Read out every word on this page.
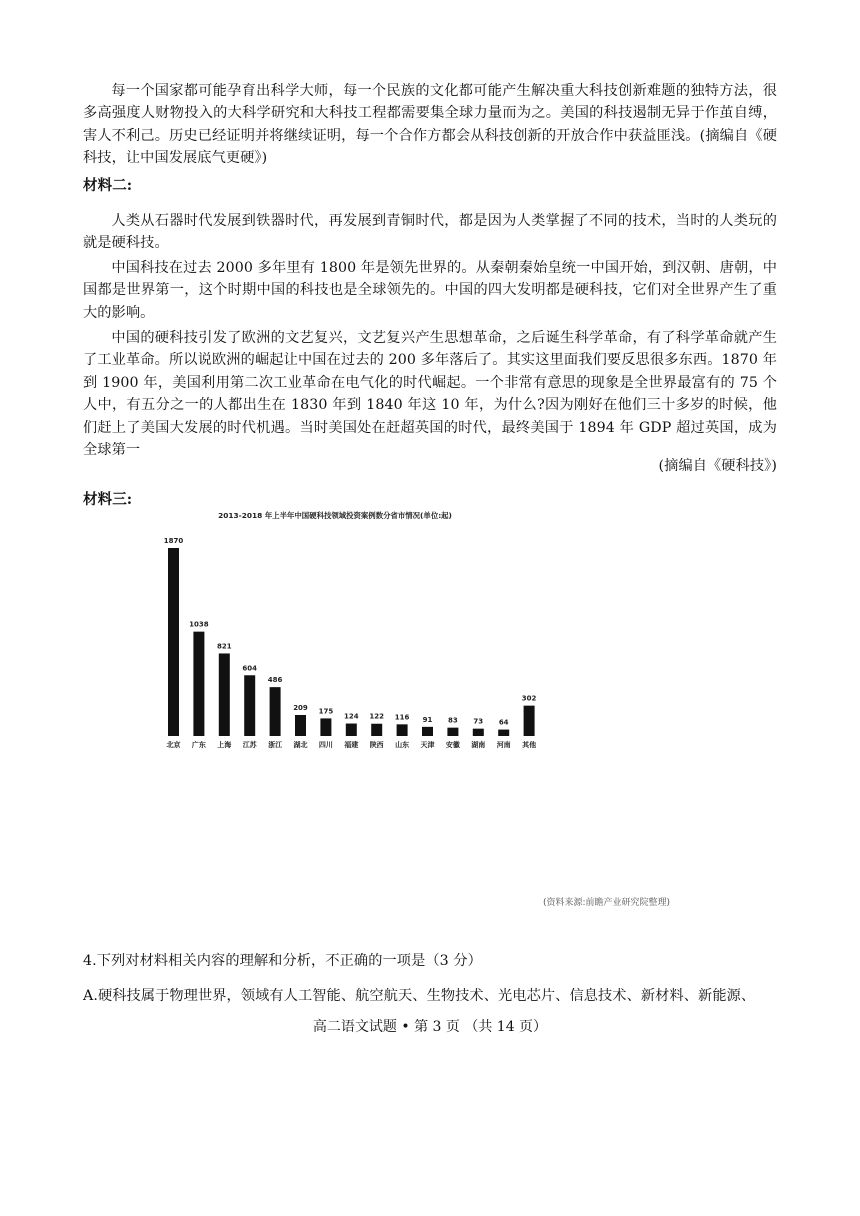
每一个国家都可能孕育出科学大师，每一个民族的文化都可能产生解决重大科技创新难题的独特方法，很多高强度人财物投入的大科学研究和大科技工程都需要集全球力量而为之。美国的科技遏制无异于作茧自缚，害人不利己。历史已经证明并将继续证明，每一个合作方都会从科技创新的开放合作中获益匪浅。(摘编自《硬科技，让中国发展底气更硬》)
材料二:
人类从石器时代发展到铁器时代，再发展到青铜时代，都是因为人类掌握了不同的技术，当时的人类玩的就是硬科技。
中国科技在过去 2000 多年里有 1800 年是领先世界的。从秦朝秦始皇统一中国开始，到汉朝、唐朝，中国都是世界第一，这个时期中国的科技也是全球领先的。中国的四大发明都是硬科技，它们对全世界产生了重大的影响。
中国的硬科技引发了欧洲的文艺复兴，文艺复兴产生思想革命，之后诞生科学革命，有了科学革命就产生了工业革命。所以说欧洲的崛起让中国在过去的 200 多年落后了。其实这里面我们要反思很多东西。1870 年到 1900 年，美国利用第二次工业革命在电气化的时代崛起。一个非常有意思的现象是全世界最富有的 75 个人中，有五分之一的人都出生在 1830 年到 1840 年这 10 年，为什么?因为刚好在他们三十多岁的时候，他们赶上了美国大发展的时代机遇。当时美国处在赶超英国的时代，最终美国于 1894 年 GDP 超过英国，成为全球第一
(摘编自《硬科技》)
材料三:
2013-2018 年上半年中国硬科技领域投资案例数分省市情况(单位:起)
1870
北京
1038
广东
821
上海
604
江苏
486
浙江
209
湖北
175
四川
124
福建
122
陕西
116
山东
91
天津
83
安徽
73
湖南
64
河南
302
其他
(资料来源:前瞻产业研究院整理)
4.下列对材料相关内容的理解和分析，不正确的一项是（3 分）
A.硬科技属于物理世界，领域有人工智能、航空航天、生物技术、光电芯片、信息技术、新材料、新能源、
高二语文试题 • 第 3 页 （共 14 页）
